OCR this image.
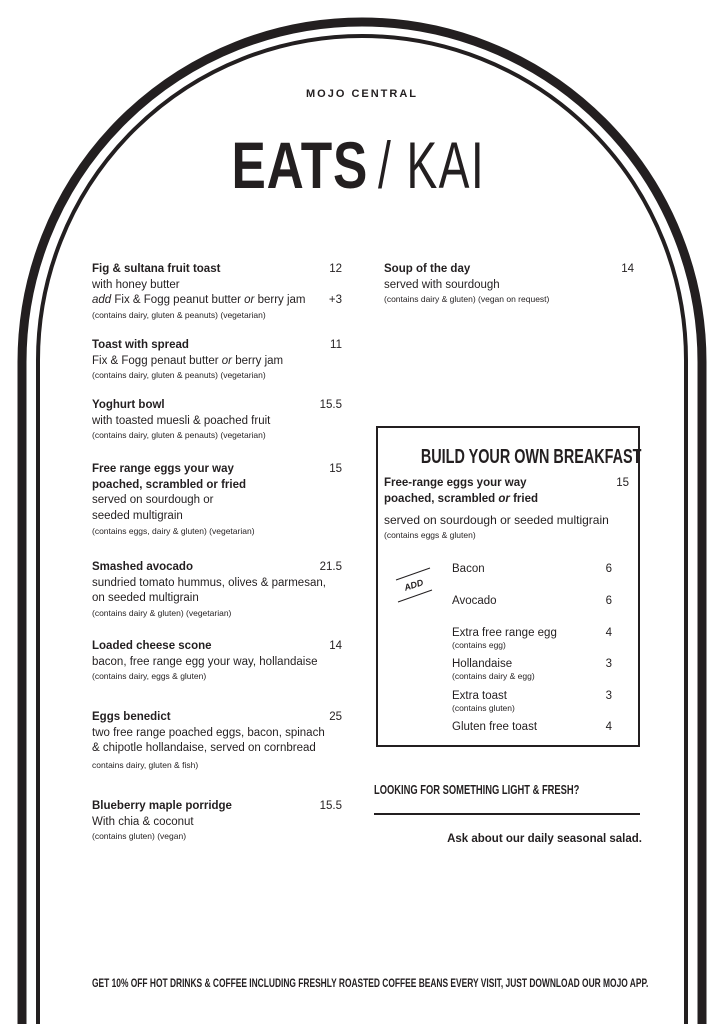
MOJO CENTRAL
EATS / KAI
Fig & sultana fruit toast	12
with honey butter
add Fix & Fogg peanut butter or berry jam +3
(contains dairy, gluten & peanuts) (vegetarian)
Toast with spread	11
Fix & Fogg penaut butter or berry jam
(contains dairy, gluten & peanuts) (vegetarian)
Yoghurt bowl	15.5
with toasted muesli & poached fruit
(contains dairy, gluten & penauts) (vegetarian)
Free range eggs your way	15
poached, scrambled or fried
served on sourdough or
seeded multigrain
(contains eggs, dairy & gluten) (vegetarian)
Smashed avocado	21.5
sundried tomato hummus, olives & parmesan,
on seeded multigrain
(contains dairy & gluten) (vegetarian)
Loaded cheese scone	14
bacon, free range egg your way, hollandaise
(contains dairy, eggs & gluten)
Eggs benedict	25
two free range poached eggs, bacon, spinach
& chipotle hollandaise, served on cornbread
contains dairy, gluten & fish)
Blueberry maple porridge	15.5
With chia & coconut
(contains gluten) (vegan)
Soup of the day	14
served with sourdough
(contains dairy & gluten) (vegan on request)
BUILD YOUR OWN BREAKFAST
Free-range eggs your way	15
poached, scrambled or fried
served on sourdough or seeded multigrain
(contains eggs & gluten)
ADD
Bacon	6
Avocado	6
Extra free range egg	4
(contains egg)
Hollandaise	3
(contains dairy & egg)
Extra toast	3
(contains gluten)
Gluten free toast	4
LOOKING FOR SOMETHING LIGHT & FRESH?
Ask about our daily seasonal salad.
GET 10% OFF HOT DRINKS & COFFEE INCLUDING FRESHLY ROASTED COFFEE BEANS EVERY VISIT, JUST DOWNLOAD OUR MOJO APP.
